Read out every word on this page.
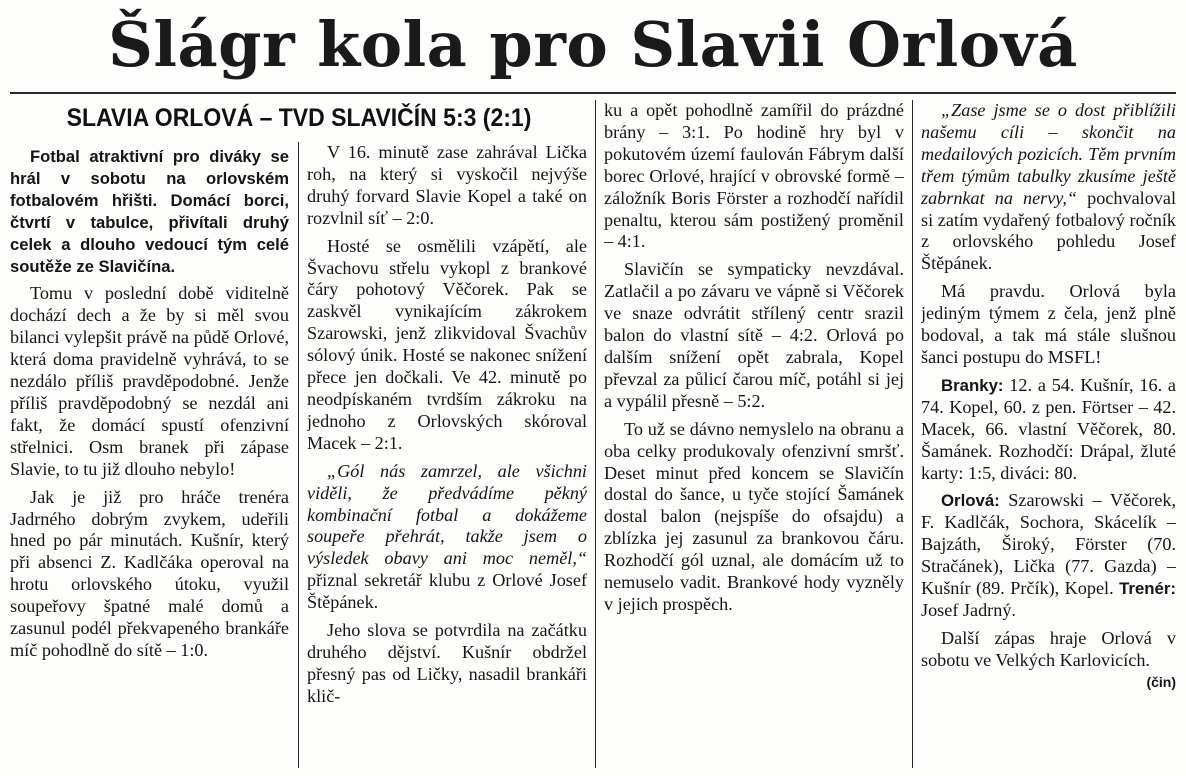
Šlágr kola pro Slavii Orlová
SLAVIA ORLOVÁ – TVD SLAVIČÍN 5:3 (2:1)

Fotbal atraktivní pro diváky se hrál v sobotu na orlovském fotbalovém hřišti. Domácí borci, čtvrtí v tabulce, přivítali druhý celek a dlouho vedoucí tým celé soutěže ze Slavičína.

Tomu v poslední době viditelně dochází dech a že by si měl svou bilanci vylepšit právě na půdě Orlové, která doma pravidelně vyhrává, to se nezdálo příliš pravděpodobné. Jenže příliš pravděpodobný se nezdál ani fakt, že domácí spustí ofenzivní střelnici. Osm branek při zápase Slavie, to tu již dlouho nebylo!

Jak je již pro hráče trenéra Jadrného dobrým zvykem, udeřili hned po pár minutách. Kušnír, který při absenci Z. Kadlčáka operoval na hrotu orlovského útoku, využil soupeřovy špatné malé domů a zasunul podél překvapeného brankáře míč pohodlně do sítě – 1:0.

V 16. minutě zase zahrával Lička roh, na který si vyskočil nejvýše druhý forvard Slavie Kopel a také on rozvlnil síť – 2:0.

Hosté se osmělili vzápětí, ale Švachovu střelu vykopl z brankové čáry pohotový Věčorek. Pak se zaskvěl vynikajícím zákrokem Szarowski, jenž zlikvidoval Švachův sólový únik. Hosté se nakonec snížení přece jen dočkali. Ve 42. minutě po neodpískaném tvrdším zákroku na jednoho z Orlovských skóroval Macek – 2:1.

„Gól nás zamrzel, ale všichni viděli, že předvádíme pěkný kombinační fotbal a dokážeme soupeře přehrát, takže jsem o výsledek obavy ani moc neměl,“ přiznal sekretář klubu z Orlové Josef Štěpánek.

Jeho slova se potvrdila na začátku druhého dějství. Kušnír obdržel přesný pas od Ličky, nasadil brankáři klič-

ku a opět pohodlně zamířil do prázdné brány – 3:1. Po hodině hry byl v pokutovém území faulován Fábrym další borec Orlové, hrající v obrovské formě – záložník Boris Förster a rozhodčí nařídil penaltu, kterou sám postižený proměnil – 4:1.

Slavičín se sympaticky nevzdával. Zatlačil a po závaru ve vápně si Věčorek ve snaze odvrátit střílený centr srazil balon do vlastní sítě – 4:2. Orlová po dalším snížení opět zabrala, Kopel převzal za půlicí čarou míč, potáhl si jej a vypálil přesně – 5:2.

To už se dávno nemyslelo na obranu a oba celky produkovaly ofenzivní smršť. Deset minut před koncem se Slavičín dostal do šance, u tyče stojící Šamánek dostal balon (nejspíše do ofsajdu) a zblízka jej zasunul za brankovou čáru. Rozhodčí gól uznal, ale domácím už to nemuselo vadit. Brankové hody vyzněly v jejich prospěch.

„Zase jsme se o dost přiblížili našemu cíli – skončit na medailových pozicích. Těm prvním třem týmům tabulky zkusíme ještě zabrnkat na nervy,“ pochvaloval si zatím vydařený fotbalový ročník z orlovského pohledu Josef Štěpánek.

Má pravdu. Orlová byla jediným týmem z čela, jenž plně bodoval, a tak má stále slušnou šanci postupu do MSFL!

Branky: 12. a 54. Kušnír, 16. a 74. Kopel, 60. z pen. Förtser – 42. Macek, 66. vlastní Věčorek, 80. Šamánek. Rozhodčí: Drápal, žluté karty: 1:5, diváci: 80.

Orlová: Szarowski – Věčorek, F. Kadlčák, Sochora, Skácelík – Bajzáth, Široký, Förster (70. Stračánek), Lička (77. Gazda) – Kušnír (89. Prčík), Kopel. Trenér: Josef Jadrný.

Další zápas hraje Orlová v sobotu ve Velkých Karlovicích.
(čin)
